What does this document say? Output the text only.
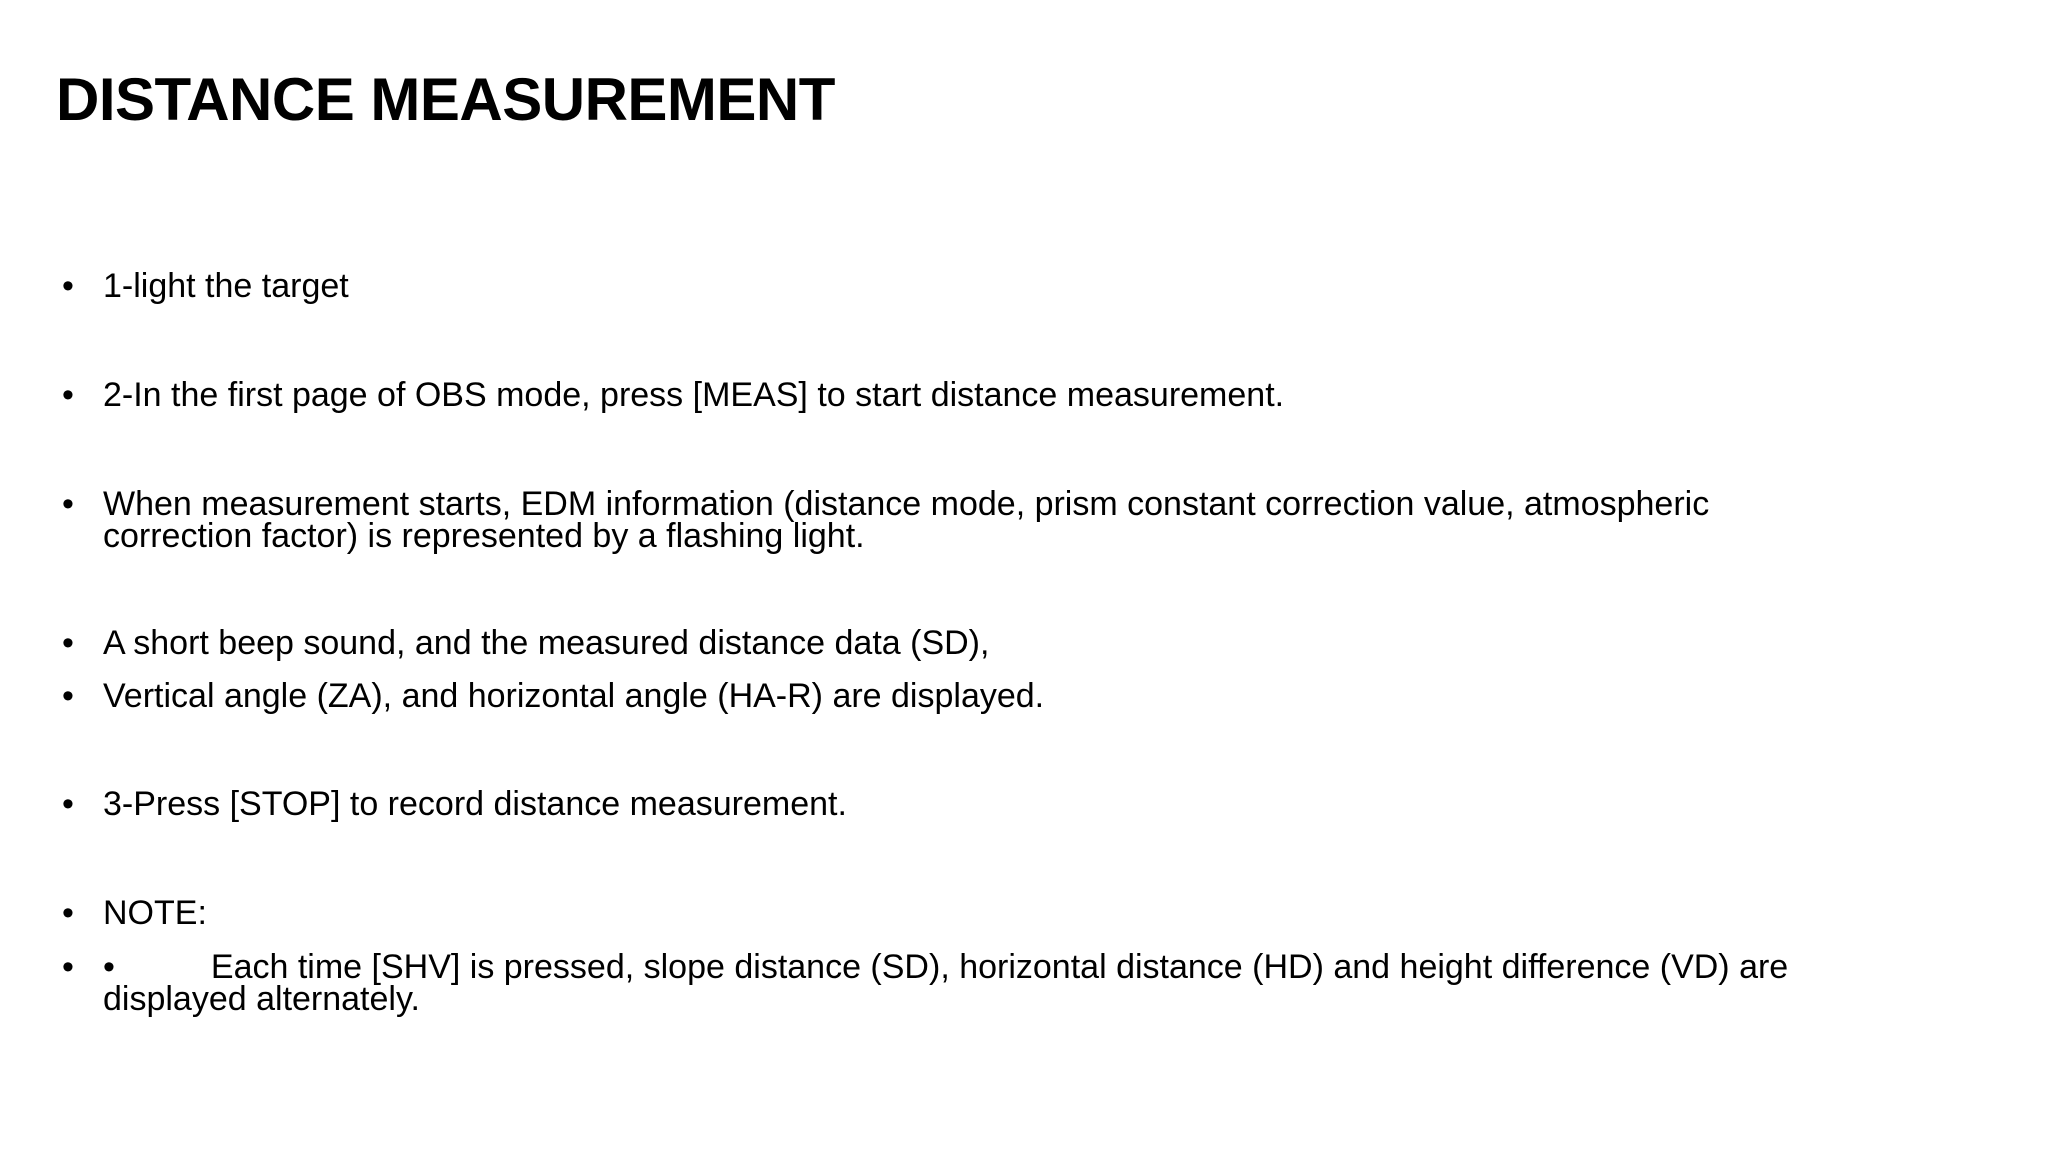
DISTANCE MEASUREMENT
• 1-light the target
• 2-In the first page of OBS mode, press [MEAS] to start distance measurement.
• When measurement starts, EDM information (distance mode, prism constant correction value, atmospheric
correction factor) is represented by a flashing light.
• A short beep sound, and the measured distance data (SD),
• Vertical angle (ZA), and horizontal angle (HA-R) are displayed.
• 3-Press [STOP] to record distance measurement.
• NOTE:
• •	Each time [SHV] is pressed, slope distance (SD), horizontal distance (HD) and height difference (VD) are
displayed alternately.
